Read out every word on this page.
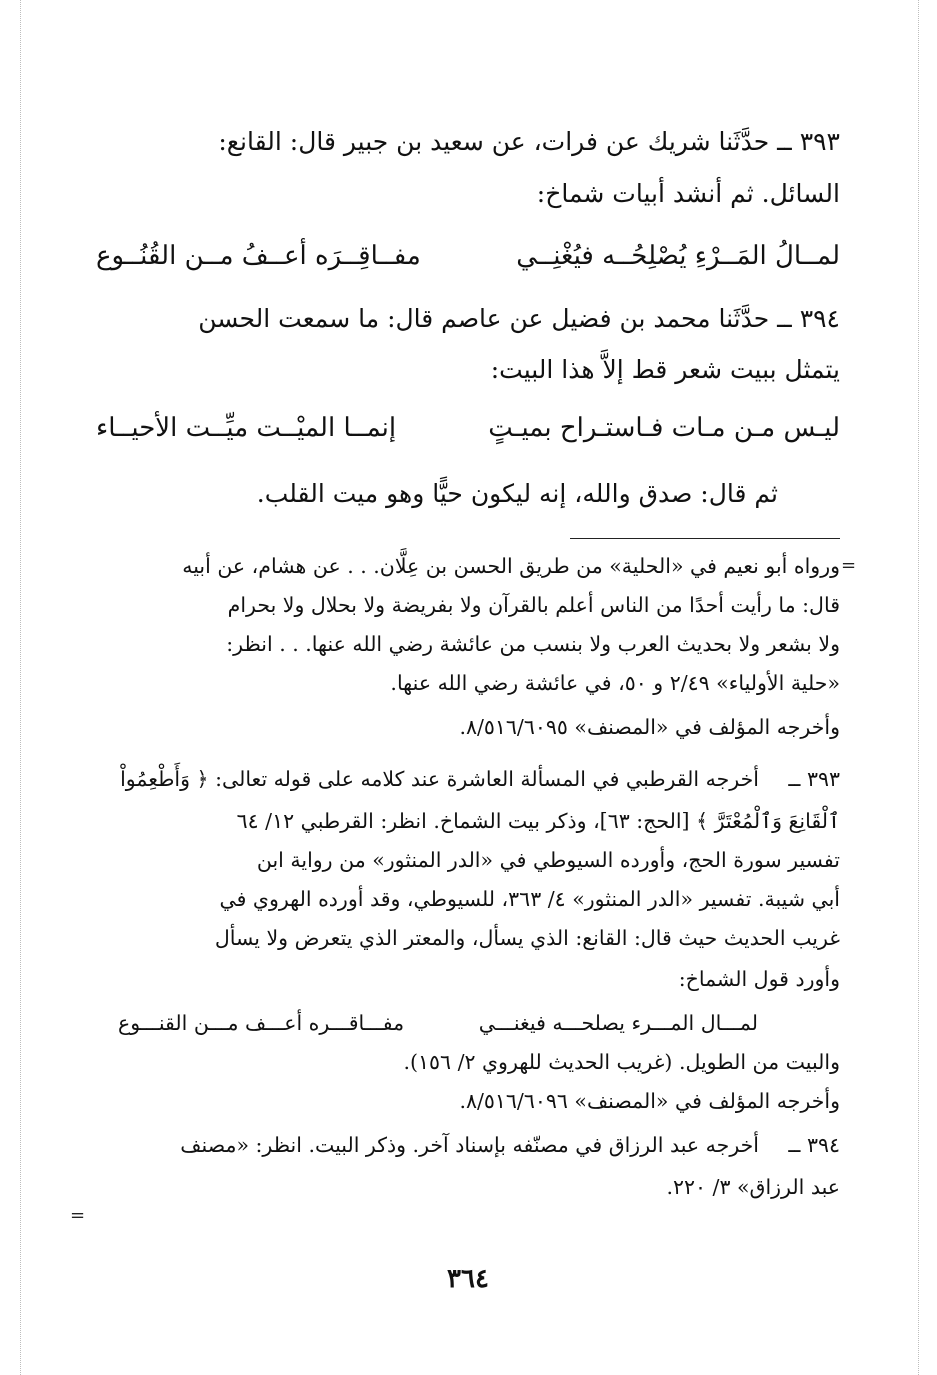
٣٩٣ ــ حدَّثَنا شريك عن فرات، عن سعيد بن جبير قال: القانع:
السائل. ثم أنشد أبيات شماخ:
لمــالُ المَــرْءِ يُصْلِحُــه فيُغْنِــي
مفــاقِــرَه أعــفُ مــن القُنُــوع
٣٩٤ ــ حدَّثَنا محمد بن فضيل عن عاصم قال: ما سمعت الحسن
يتمثل ببيت شعر قط إلاَّ هذا البيت:
ليـس مـن مـات فـاستـراح بميـتٍ
إنمــا الميْــت ميِّــت الأحيــاء
ثم قال: صدق والله، إنه ليكون حيًّا وهو ميت القلب.
=
ورواه أبو نعيم في «الحلية» من طريق الحسن بن عِلَّان. . . عن هشام، عن أبيه
قال: ما رأيت أحدًا من الناس أعلم بالقرآن ولا بفريضة ولا بحلال ولا بحرام
ولا بشعر ولا بحديث العرب ولا بنسب من عائشة رضي الله عنها. . . انظر:
«حلية الأولياء» ٢/٤٩ و ٥٠، في عائشة رضي الله عنها.
وأخرجه المؤلف في «المصنف» ٨/٥١٦/٦٠٩٥.
٣٩٣ ــ
أخرجه القرطبي في المسألة العاشرة عند كلامه على قوله تعالى: ﴿ وَأَطْعِمُواْ
ٱلْقَانِعَ وَٱلْمُعْتَرَّ ﴾ [الحج: ٦٣]، وذكر بيت الشماخ. انظر: القرطبي ١٢/ ٦٤
تفسير سورة الحج، وأورده السيوطي في «الدر المنثور» من رواية ابن
أبي شيبة. تفسير «الدر المنثور» ٤/ ٣٦٣، للسيوطي، وقد أورده الهروي في
غريب الحديث حيث قال: القانع: الذي يسأل، والمعتر الذي يتعرض ولا يسأل
وأورد قول الشماخ:
لمـــال المـــرء يصلحـــه فيغنـــي
مفـــاقـــره أعـــف مـــن القنـــوع
والبيت من الطويل. (غريب الحديث للهروي ٢/ ١٥٦).
وأخرجه المؤلف في «المصنف» ٨/٥١٦/٦٠٩٦.
٣٩٤ ــ
أخرجه عبد الرزاق في مصنّفه بإسناد آخر. وذكر البيت. انظر: «مصنف
عبد الرزاق» ٣/ ٢٢٠.
=
٣٦٤
